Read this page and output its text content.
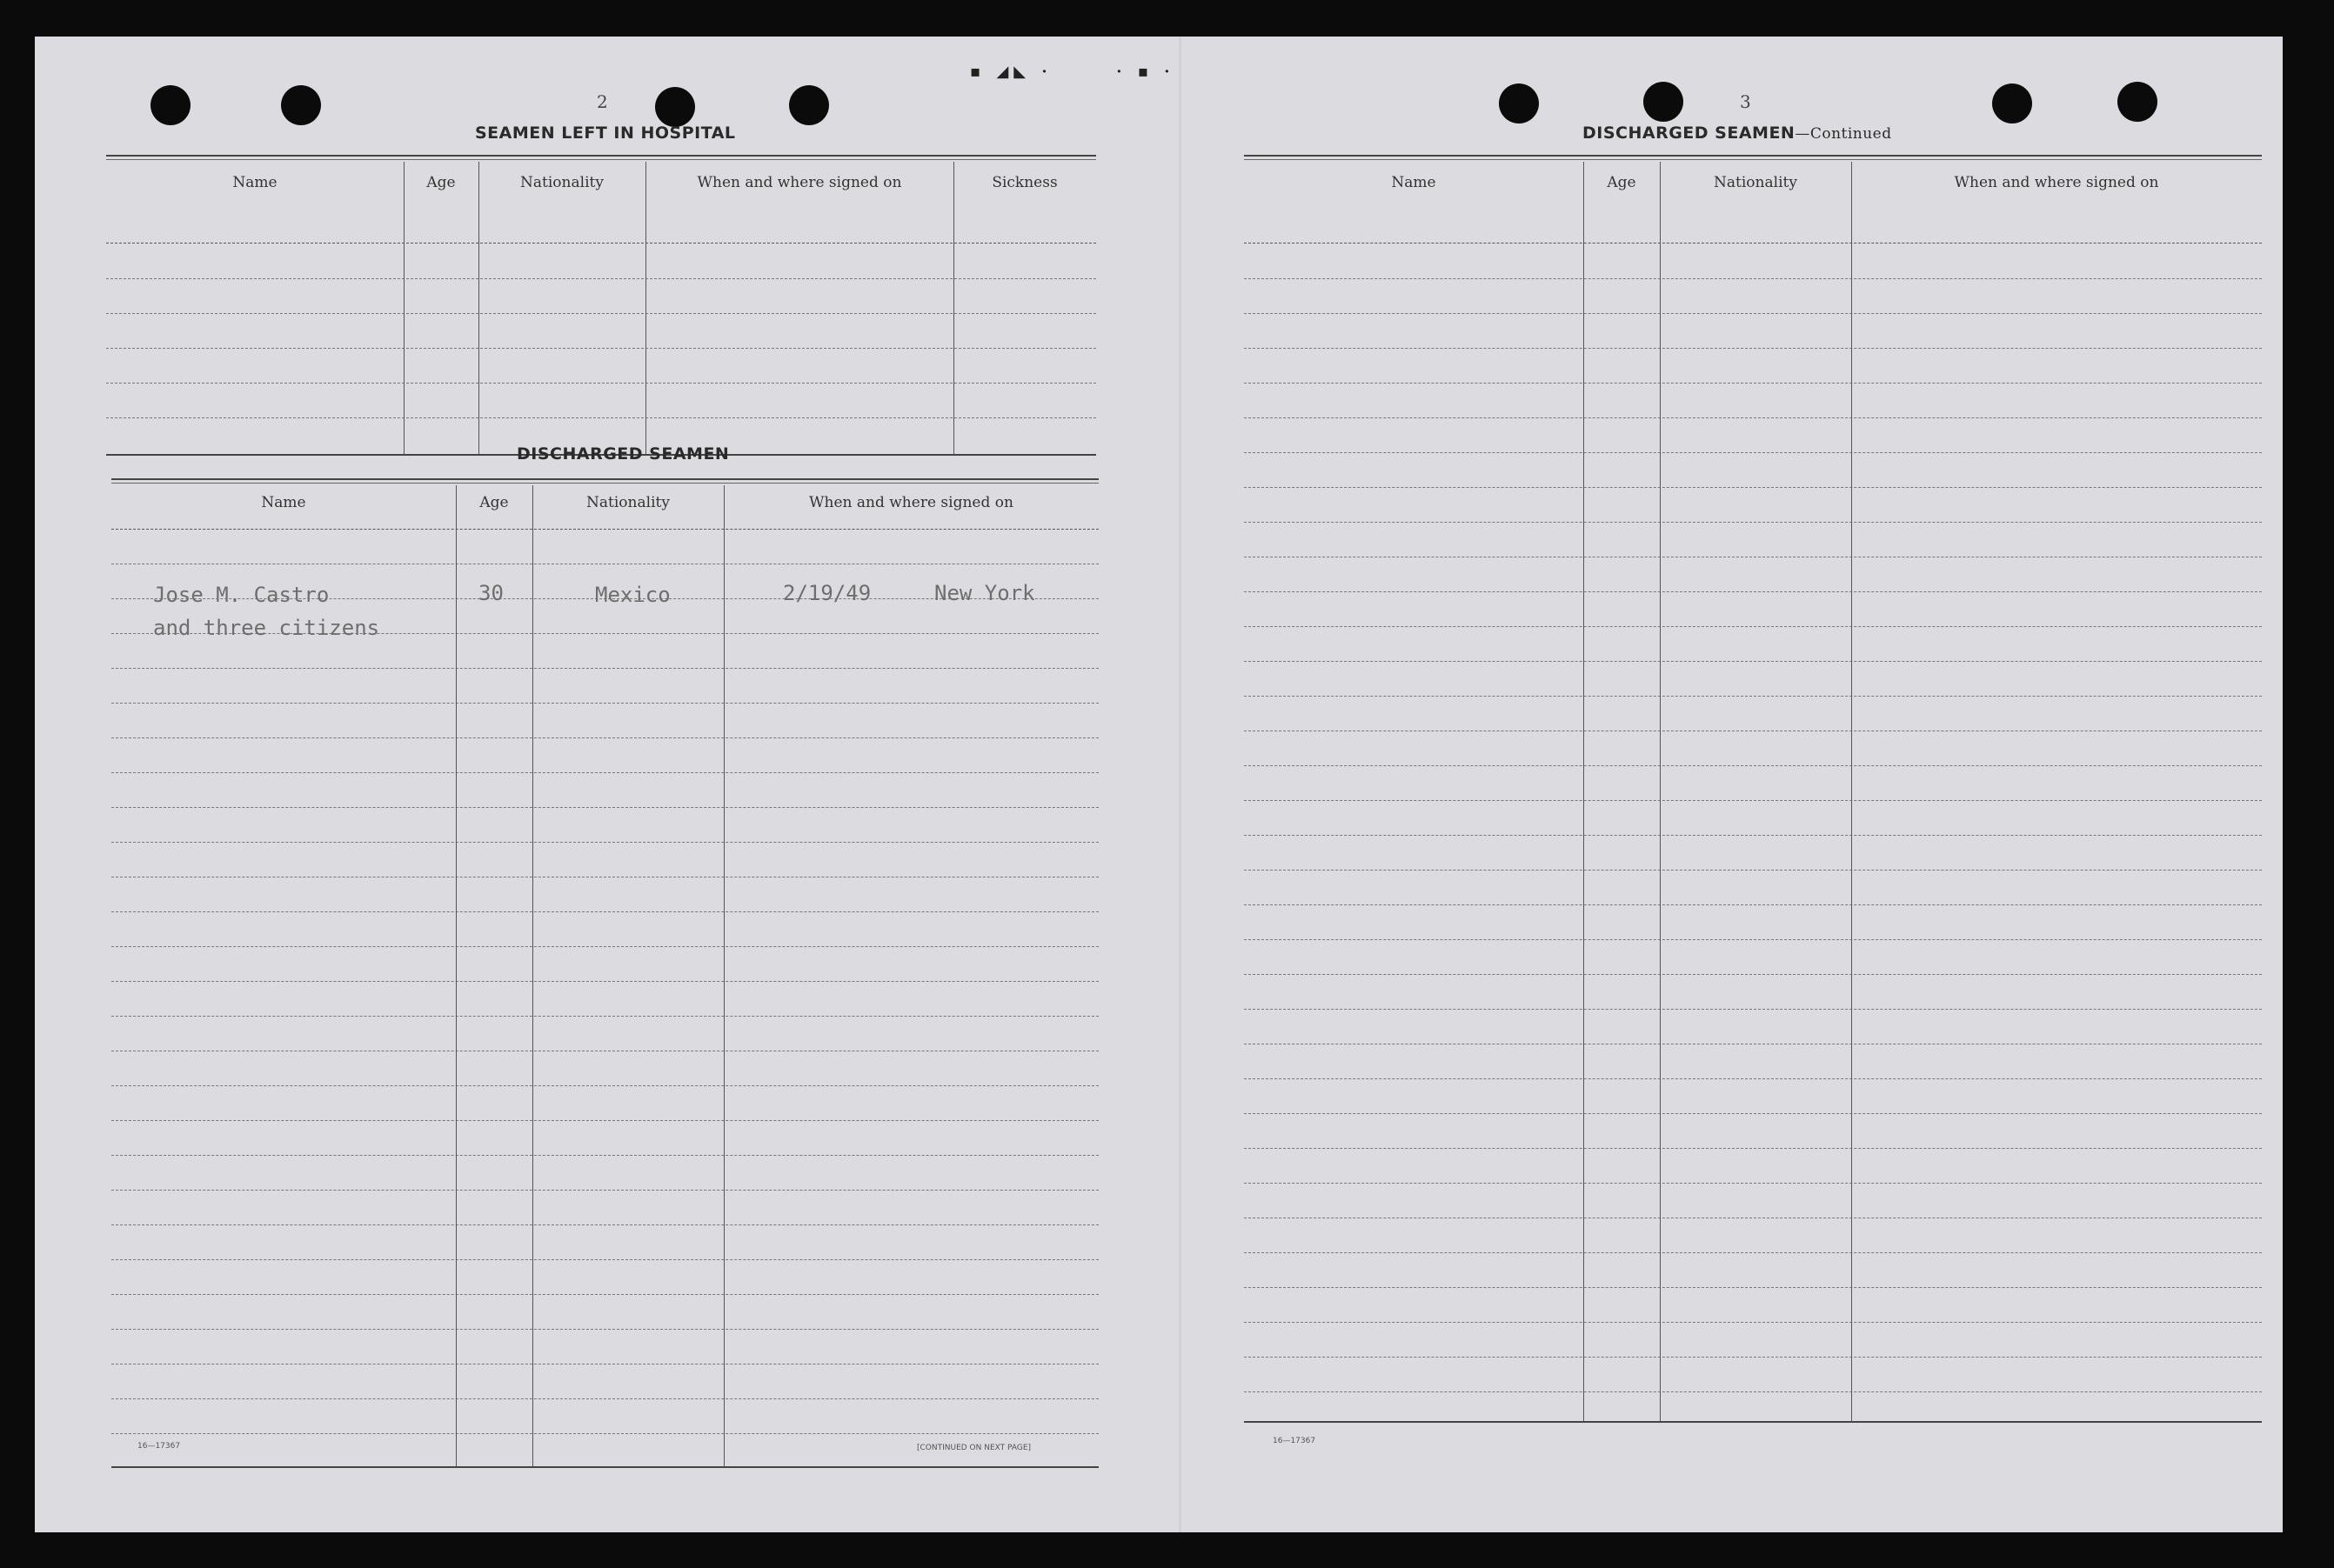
▪ ◢◣ ·      · ▪ ·
2
SEAMEN LEFT IN HOSPITAL
Name	Age	Nationality	When and where signed on	Sickness
DISCHARGED SEAMEN
Name	Age	Nationality	When and where signed on
Jose M. Castro	30	Mexico	2/19/49	New York
and three citizens
16—17367	[CONTINUED ON NEXT PAGE]
3
DISCHARGED SEAMEN—Continued
Name	Age	Nationality	When and where signed on
16—17367
